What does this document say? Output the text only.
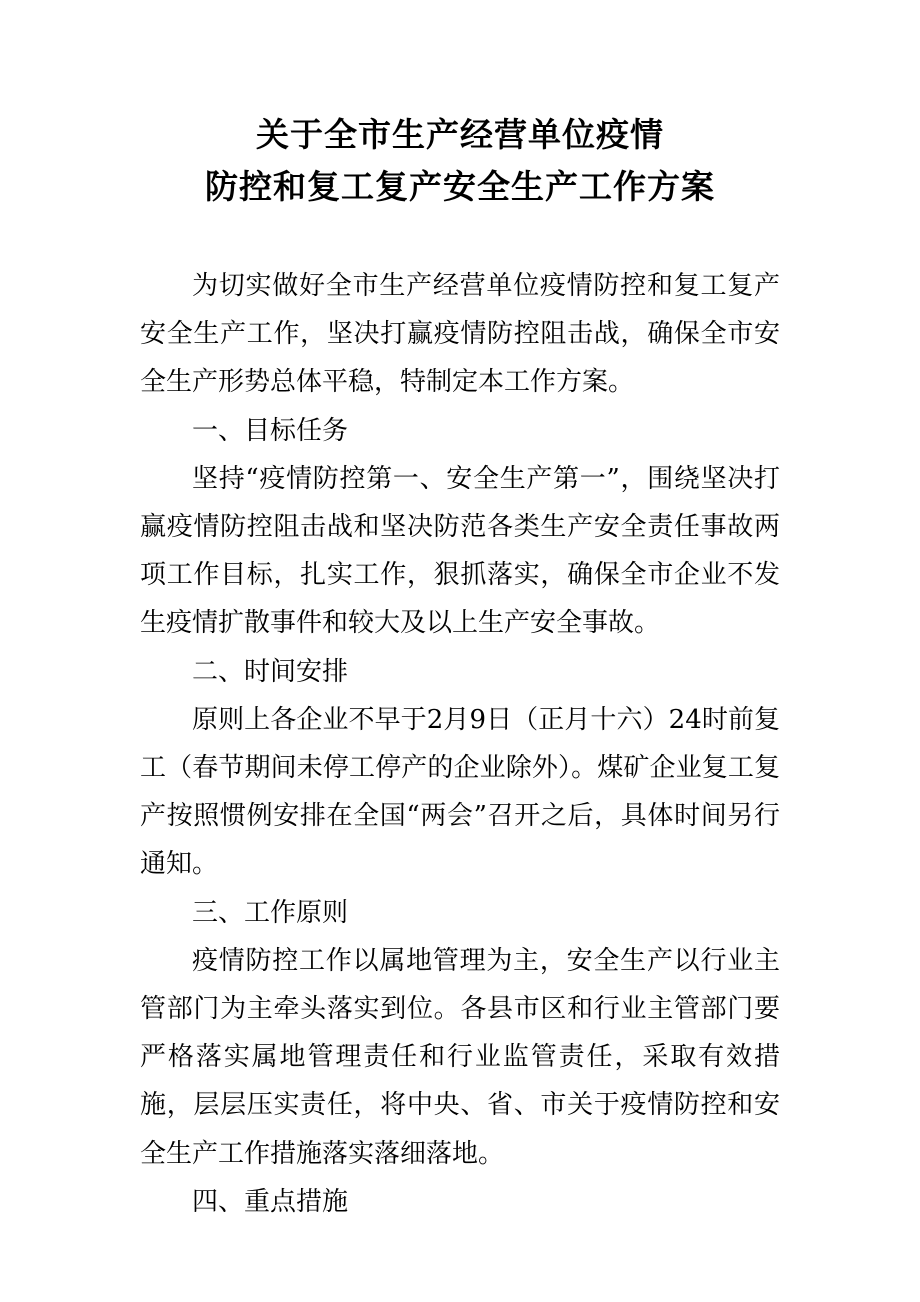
关于全市生产经营单位疫情
防控和复工复产安全生产工作方案

为切实做好全市生产经营单位疫情防控和复工复产安全生产工作，坚决打赢疫情防控阻击战，确保全市安全生产形势总体平稳，特制定本工作方案。

一、目标任务

坚持“疫情防控第一、安全生产第一”，围绕坚决打赢疫情防控阻击战和坚决防范各类生产安全责任事故两项工作目标，扎实工作，狠抓落实，确保全市企业不发生疫情扩散事件和较大及以上生产安全事故。

二、时间安排

原则上各企业不早于2月9日（正月十六）24时前复工（春节期间未停工停产的企业除外）。煤矿企业复工复产按照惯例安排在全国“两会”召开之后，具体时间另行通知。

三、工作原则

疫情防控工作以属地管理为主，安全生产以行业主管部门为主牵头落实到位。各县市区和行业主管部门要严格落实属地管理责任和行业监管责任，采取有效措施，层层压实责任，将中央、省、市关于疫情防控和安全生产工作措施落实落细落地。

四、重点措施
